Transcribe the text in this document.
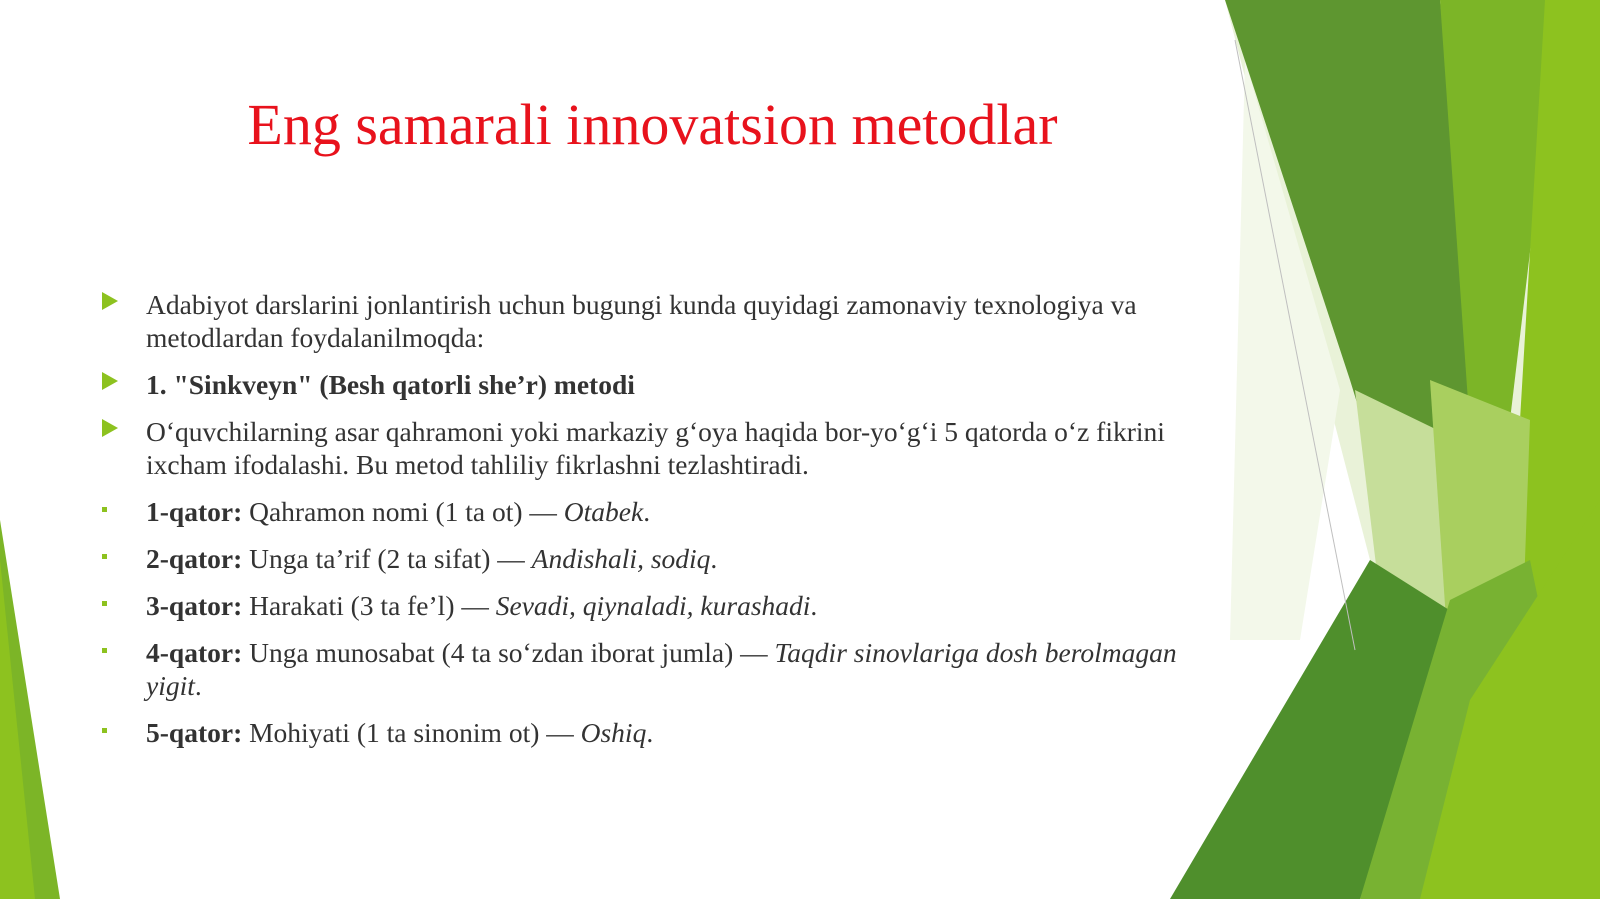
Eng samarali innovatsion metodlar
Adabiyot darslarini jonlantirish uchun bugungi kunda quyidagi zamonaviy texnologiya va metodlardan foydalanilmoqda:
1. "Sinkveyn" (Besh qatorli she’r) metodi
O‘quvchilarning asar qahramoni yoki markaziy g‘oya haqida bor-yo‘g‘i 5 qatorda o‘z fikrini ixcham ifodalashi. Bu metod tahliliy fikrlashni tezlashtiradi.
1-qator: Qahramon nomi (1 ta ot) — Otabek.
2-qator: Unga ta’rif (2 ta sifat) — Andishali, sodiq.
3-qator: Harakati (3 ta fe’l) — Sevadi, qiynaladi, kurashadi.
4-qator: Unga munosabat (4 ta so‘zdan iborat jumla) — Taqdir sinovlariga dosh berolmagan yigit.
5-qator: Mohiyati (1 ta sinonim ot) — Oshiq.
